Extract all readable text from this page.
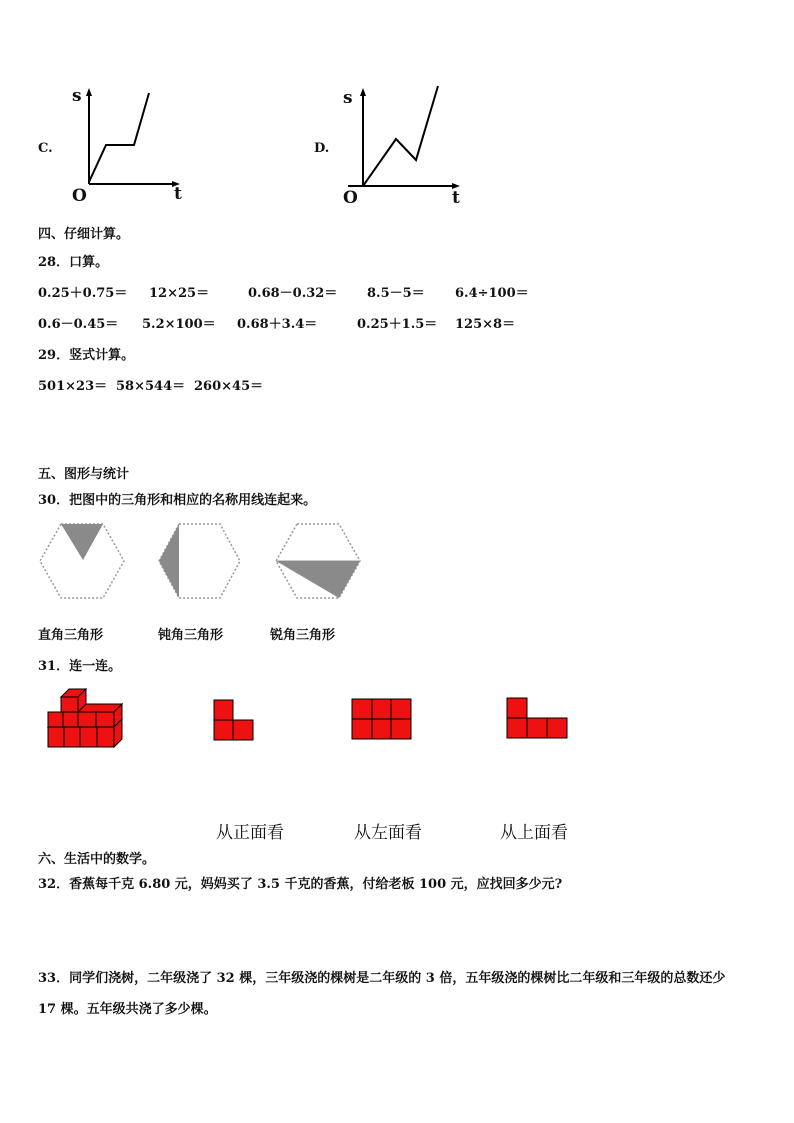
C.
s
t
O
D.
s
t
O
四、仔细计算。
28．口算。
0.25＋0.75＝ 12×25＝	0.68－0.32＝ 8.5－5＝ 6.4÷100＝
0.6－0.45＝ 5.2×100＝ 0.68＋3.4＝	0.25＋1.5＝ 125×8＝
29．竖式计算。
501×23＝ 58×544＝ 260×45＝
五、图形与统计
30．把图中的三角形和相应的名称用线连起来。
直角三角形	钝角三角形	锐角三角形
31．连一连。
从正面看	从左面看	从上面看
六、生活中的数学。
32．香蕉每千克 6.80 元，妈妈买了 3.5 千克的香蕉，付给老板 100 元，应找回多少元?
33．同学们浇树，二年级浇了 32 棵，三年级浇的棵树是二年级的 3 倍，五年级浇的棵树比二年级和三年级的总数还少
17 棵。五年级共浇了多少棵。
